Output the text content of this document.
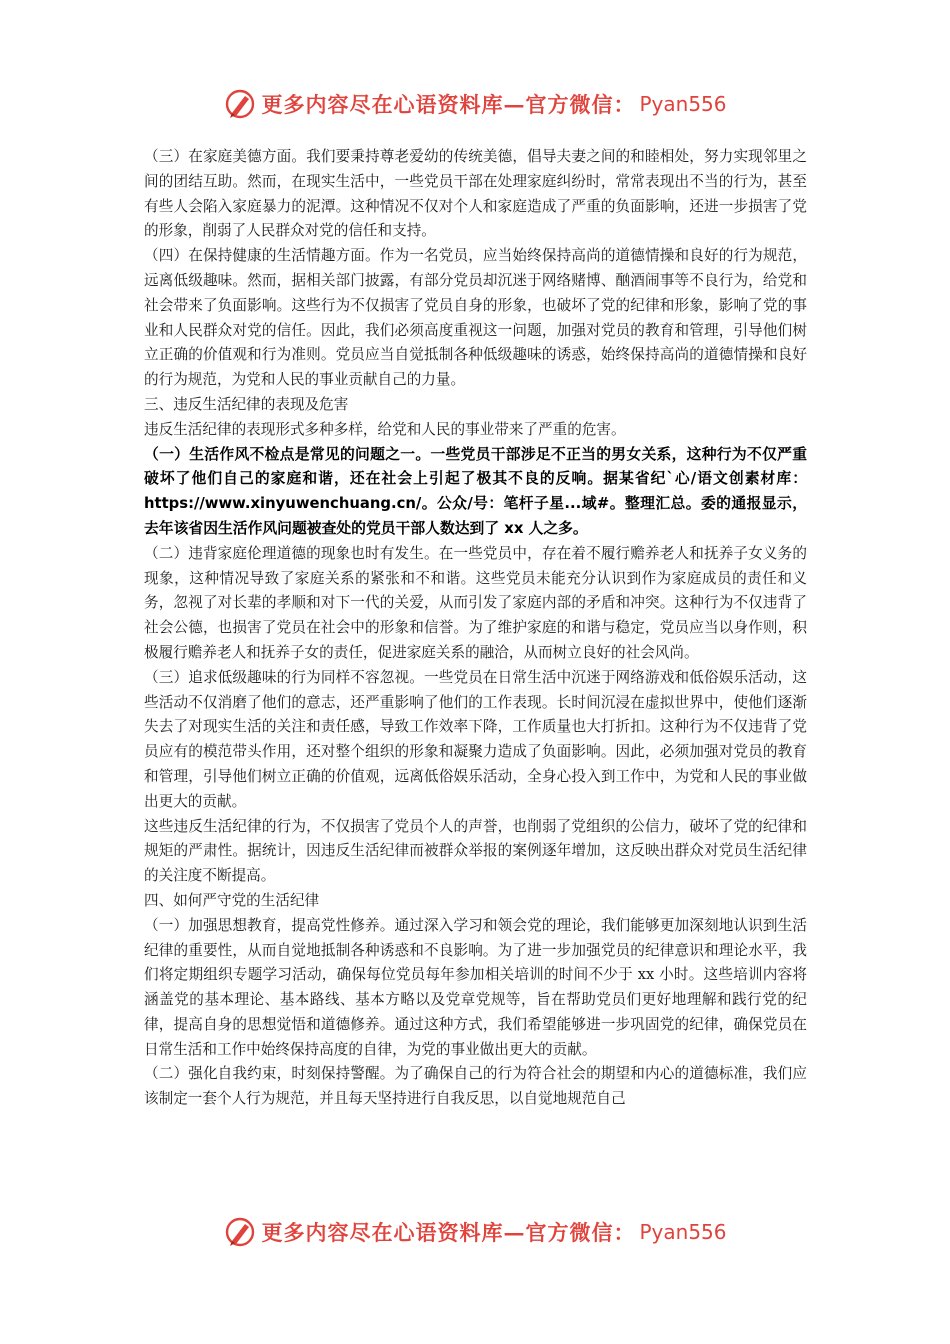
更多内容尽在心语资料库—官方微信： Pyan556

（三）在家庭美德方面。我们要秉持尊老爱幼的传统美德，倡导夫妻之间的和睦相处，努力实现邻里之间的团结互助。然而，在现实生活中，一些党员干部在处理家庭纠纷时，常常表现出不当的行为，甚至有些人会陷入家庭暴力的泥潭。这种情况不仅对个人和家庭造成了严重的负面影响，还进一步损害了党的形象，削弱了人民群众对党的信任和支持。

（四）在保持健康的生活情趣方面。作为一名党员，应当始终保持高尚的道德情操和良好的行为规范，远离低级趣味。然而，据相关部门披露，有部分党员却沉迷于网络赌博、酗酒闹事等不良行为，给党和社会带来了负面影响。这些行为不仅损害了党员自身的形象，也破坏了党的纪律和形象，影响了党的事业和人民群众对党的信任。因此，我们必须高度重视这一问题，加强对党员的教育和管理，引导他们树立正确的价值观和行为准则。党员应当自觉抵制各种低级趣味的诱惑，始终保持高尚的道德情操和良好的行为规范，为党和人民的事业贡献自己的力量。

三、违反生活纪律的表现及危害

违反生活纪律的表现形式多种多样，给党和人民的事业带来了严重的危害。

（一）生活作风不检点是常见的问题之一。一些党员干部涉足不正当的男女关系，这种行为不仅严重破坏了他们自己的家庭和谐，还在社会上引起了极其不良的反响。据某省纪`心/语文创素材库：https://www.xinyuwenchuang.cn/。公众/号：笔杆子星...域#。整理汇总。委的通报显示，去年该省因生活作风问题被查处的党员干部人数达到了 xx 人之多。

（二）违背家庭伦理道德的现象也时有发生。在一些党员中，存在着不履行赡养老人和抚养子女义务的现象，这种情况导致了家庭关系的紧张和不和谐。这些党员未能充分认识到作为家庭成员的责任和义务，忽视了对长辈的孝顺和对下一代的关爱，从而引发了家庭内部的矛盾和冲突。这种行为不仅违背了社会公德，也损害了党员在社会中的形象和信誉。为了维护家庭的和谐与稳定，党员应当以身作则，积极履行赡养老人和抚养子女的责任，促进家庭关系的融洽，从而树立良好的社会风尚。

（三）追求低级趣味的行为同样不容忽视。一些党员在日常生活中沉迷于网络游戏和低俗娱乐活动，这些活动不仅消磨了他们的意志，还严重影响了他们的工作表现。长时间沉浸在虚拟世界中，使他们逐渐失去了对现实生活的关注和责任感，导致工作效率下降，工作质量也大打折扣。这种行为不仅违背了党员应有的模范带头作用，还对整个组织的形象和凝聚力造成了负面影响。因此，必须加强对党员的教育和管理，引导他们树立正确的价值观，远离低俗娱乐活动，全身心投入到工作中，为党和人民的事业做出更大的贡献。

这些违反生活纪律的行为，不仅损害了党员个人的声誉，也削弱了党组织的公信力，破坏了党的纪律和规矩的严肃性。据统计，因违反生活纪律而被群众举报的案例逐年增加，这反映出群众对党员生活纪律的关注度不断提高。

四、如何严守党的生活纪律

（一）加强思想教育，提高党性修养。通过深入学习和领会党的理论，我们能够更加深刻地认识到生活纪律的重要性，从而自觉地抵制各种诱惑和不良影响。为了进一步加强党员的纪律意识和理论水平，我们将定期组织专题学习活动，确保每位党员每年参加相关培训的时间不少于 xx 小时。这些培训内容将涵盖党的基本理论、基本路线、基本方略以及党章党规等，旨在帮助党员们更好地理解和践行党的纪律，提高自身的思想觉悟和道德修养。通过这种方式，我们希望能够进一步巩固党的纪律，确保党员在日常生活和工作中始终保持高度的自律，为党的事业做出更大的贡献。

（二）强化自我约束，时刻保持警醒。为了确保自己的行为符合社会的期望和内心的道德标准，我们应该制定一套个人行为规范，并且每天坚持进行自我反思，以自觉地规范自己

更多内容尽在心语资料库—官方微信： Pyan556
